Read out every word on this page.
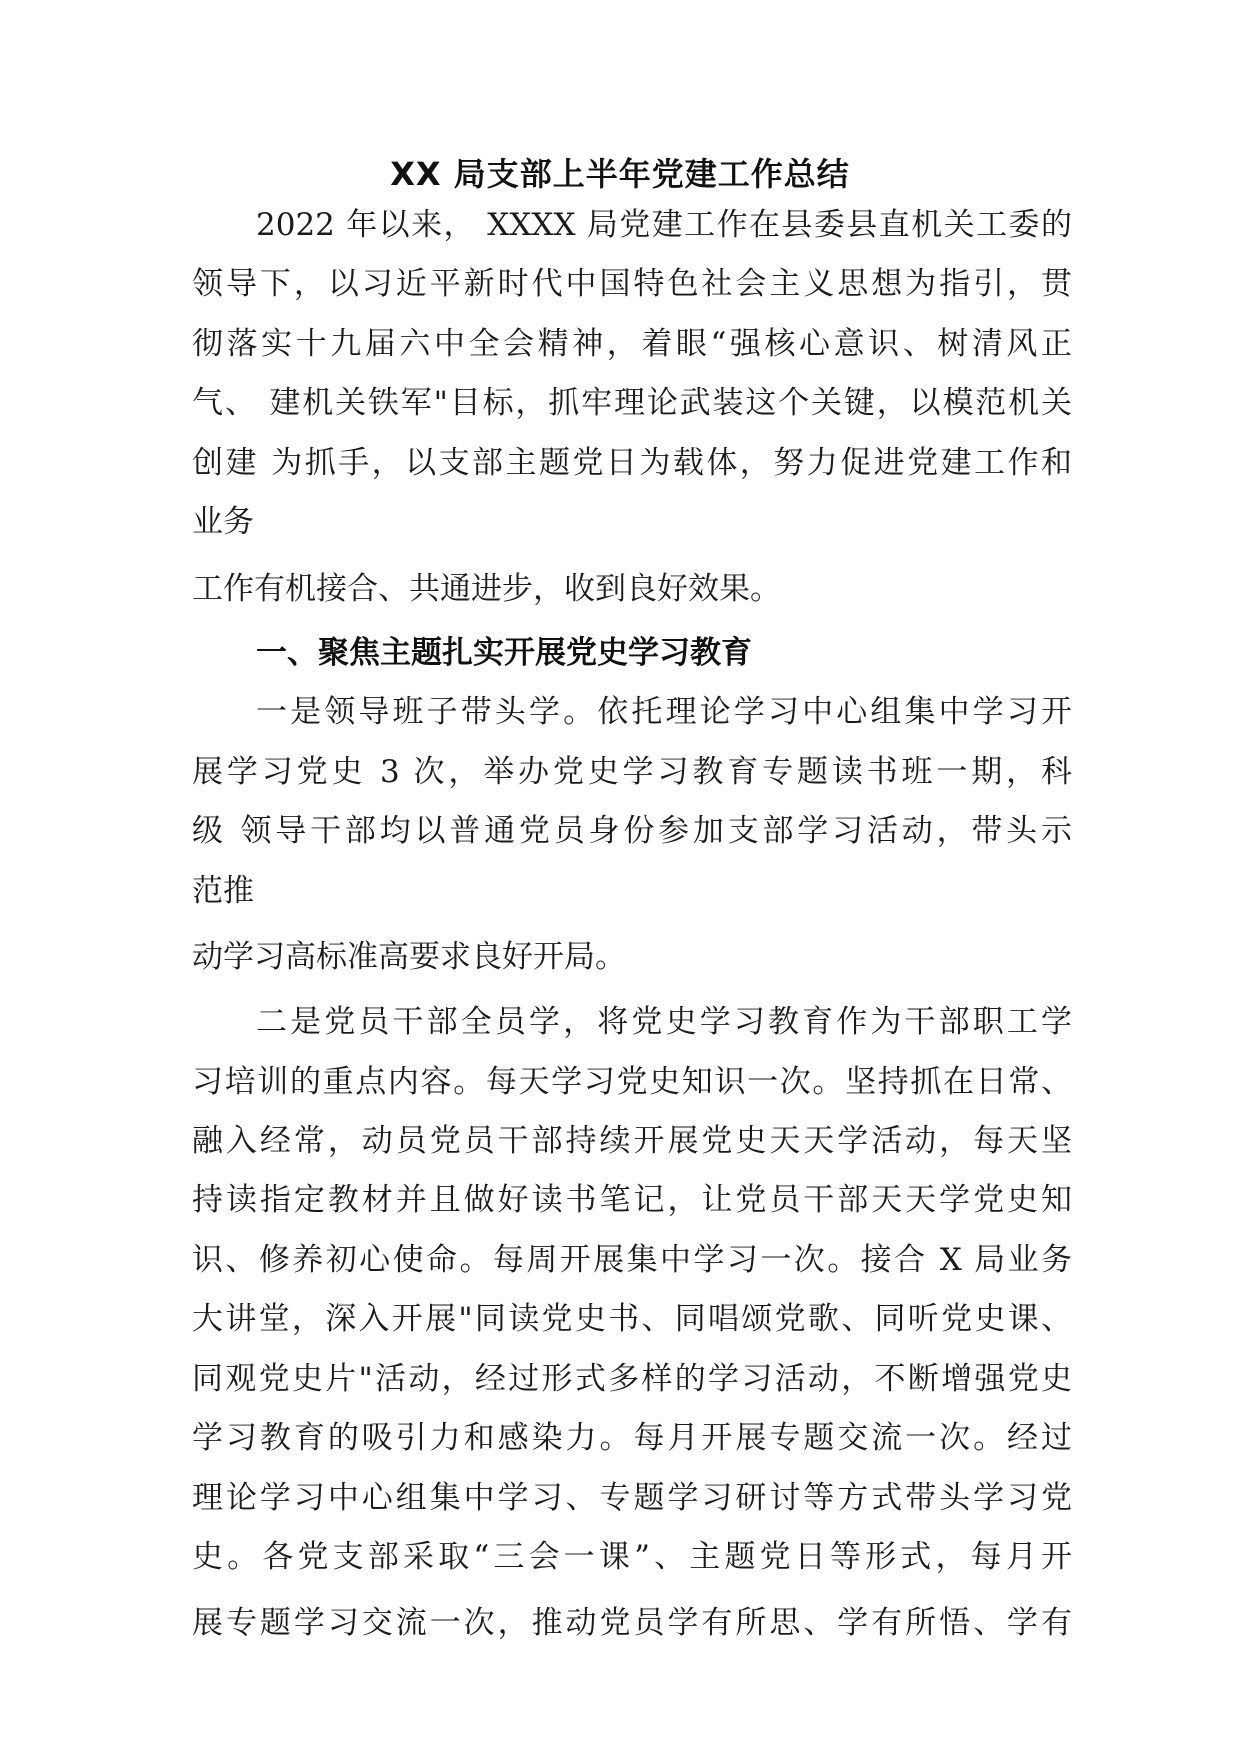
XX 局支部上半年党建工作总结
2022 年以来， XXXX 局党建工作在县委县直机关工委的
领导下，以习近平新时代中国特色社会主义思想为指引，贯
彻落实十九届六中全会精神，着眼“强核心意识、树清风正
气、 建机关铁军"目标，抓牢理论武装这个关键，以模范机关
创建 为抓手，以支部主题党日为载体，努力促进党建工作和
业务
工作有机接合、共通进步，收到良好效果。
一、聚焦主题扎实开展党史学习教育
一是领导班子带头学。依托理论学习中心组集中学习开
展学习党史 3 次，举办党史学习教育专题读书班一期，科
级 领导干部均以普通党员身份参加支部学习活动，带头示
范推
动学习高标准高要求良好开局。
二是党员干部全员学，将党史学习教育作为干部职工学
习培训的重点内容。每天学习党史知识一次。坚持抓在日常、
融入经常，动员党员干部持续开展党史天天学活动，每天坚
持读指定教材并且做好读书笔记，让党员干部天天学党史知
识、修养初心使命。每周开展集中学习一次。接合 X 局业务
大讲堂，深入开展"同读党史书、同唱颂党歌、同听党史课、
同观党史片"活动，经过形式多样的学习活动，不断增强党史
学习教育的吸引力和感染力。每月开展专题交流一次。经过
理论学习中心组集中学习、专题学习研讨等方式带头学习党
史。各党支部采取“三会一课”、主题党日等形式，每月开
展专题学习交流一次，推动党员学有所思、学有所悟、学有
